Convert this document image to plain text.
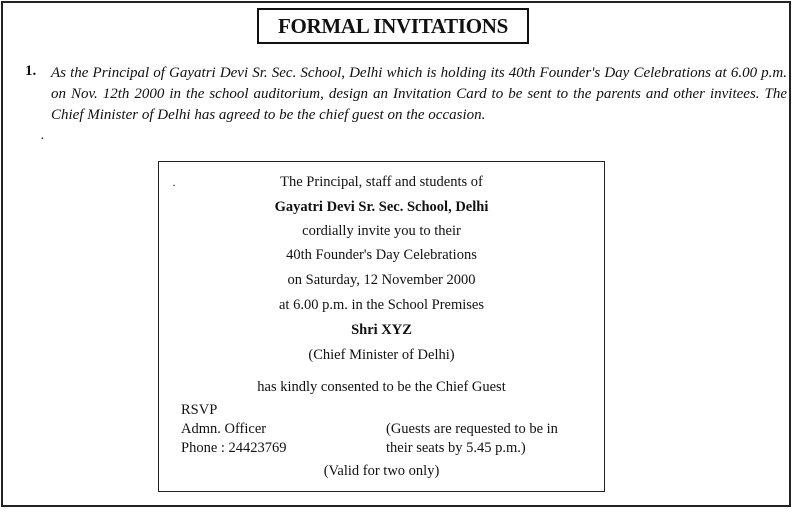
FORMAL INVITATIONS
1.
·

As the Principal of Gayatri Devi Sr. Sec. School, Delhi which is holding its 40th Founder's Day Celebrations at 6.00 p.m. on Nov. 12th 2000 in the school auditorium, design an Invitation Card to be sent to the parents and other invitees. The Chief Minister of Delhi has agreed to be the chief guest on the occasion.

·	The Principal, staff and students of
Gayatri Devi Sr. Sec. School, Delhi
cordially invite you to their
40th Founder's Day Celebrations
on Saturday, 12 November 2000
at 6.00 p.m. in the School Premises
Shri XYZ
(Chief Minister of Delhi)
has kindly consented to be the Chief Guest
RSVP
Admn. Officer
Phone : 24423769
(Guests are requested to be in
their seats by 5.45 p.m.)
(Valid for two only)
